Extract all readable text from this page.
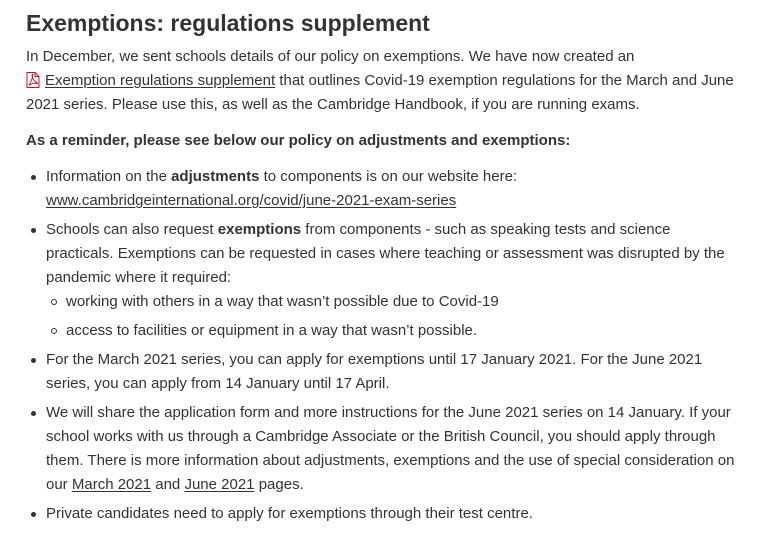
Exemptions: regulations supplement

In December, we sent schools details of our policy on exemptions. We have now created an
Exemption regulations supplement that outlines Covid-19 exemption regulations for the March and June 2021 series. Please use this, as well as the Cambridge Handbook, if you are running exams.

As a reminder, please see below our policy on adjustments and exemptions:

Information on the adjustments to components is on our website here:
www.cambridgeinternational.org/covid/june-2021-exam-series
Schools can also request exemptions from components - such as speaking tests and science practicals. Exemptions can be requested in cases where teaching or assessment was disrupted by the pandemic where it required:
working with others in a way that wasn’t possible due to Covid-19
access to facilities or equipment in a way that wasn’t possible.
For the March 2021 series, you can apply for exemptions until 17 January 2021. For the June 2021 series, you can apply from 14 January until 17 April.
We will share the application form and more instructions for the June 2021 series on 14 January. If your school works with us through a Cambridge Associate or the British Council, you should apply through them. There is more information about adjustments, exemptions and the use of special consideration on our March 2021 and June 2021 pages.
Private candidates need to apply for exemptions through their test centre.
